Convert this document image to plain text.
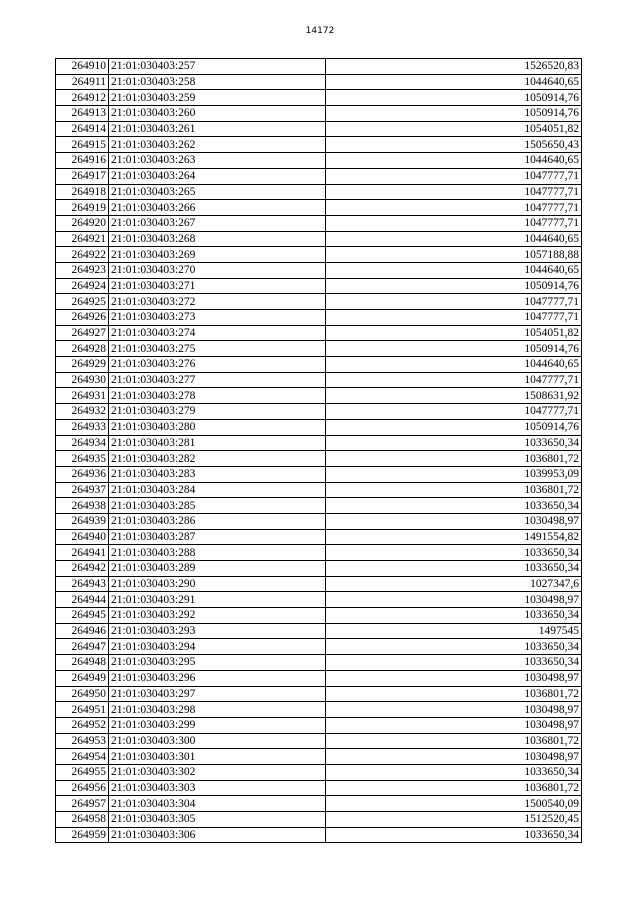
14172
264910	21:01:030403:257	1526520,83
264911	21:01:030403:258	1044640,65
264912	21:01:030403:259	1050914,76
264913	21:01:030403:260	1050914,76
264914	21:01:030403:261	1054051,82
264915	21:01:030403:262	1505650,43
264916	21:01:030403:263	1044640,65
264917	21:01:030403:264	1047777,71
264918	21:01:030403:265	1047777,71
264919	21:01:030403:266	1047777,71
264920	21:01:030403:267	1047777,71
264921	21:01:030403:268	1044640,65
264922	21:01:030403:269	1057188,88
264923	21:01:030403:270	1044640,65
264924	21:01:030403:271	1050914,76
264925	21:01:030403:272	1047777,71
264926	21:01:030403:273	1047777,71
264927	21:01:030403:274	1054051,82
264928	21:01:030403:275	1050914,76
264929	21:01:030403:276	1044640,65
264930	21:01:030403:277	1047777,71
264931	21:01:030403:278	1508631,92
264932	21:01:030403:279	1047777,71
264933	21:01:030403:280	1050914,76
264934	21:01:030403:281	1033650,34
264935	21:01:030403:282	1036801,72
264936	21:01:030403:283	1039953,09
264937	21:01:030403:284	1036801,72
264938	21:01:030403:285	1033650,34
264939	21:01:030403:286	1030498,97
264940	21:01:030403:287	1491554,82
264941	21:01:030403:288	1033650,34
264942	21:01:030403:289	1033650,34
264943	21:01:030403:290	1027347,6
264944	21:01:030403:291	1030498,97
264945	21:01:030403:292	1033650,34
264946	21:01:030403:293	1497545
264947	21:01:030403:294	1033650,34
264948	21:01:030403:295	1033650,34
264949	21:01:030403:296	1030498,97
264950	21:01:030403:297	1036801,72
264951	21:01:030403:298	1030498,97
264952	21:01:030403:299	1030498,97
264953	21:01:030403:300	1036801,72
264954	21:01:030403:301	1030498,97
264955	21:01:030403:302	1033650,34
264956	21:01:030403:303	1036801,72
264957	21:01:030403:304	1500540,09
264958	21:01:030403:305	1512520,45
264959	21:01:030403:306	1033650,34
